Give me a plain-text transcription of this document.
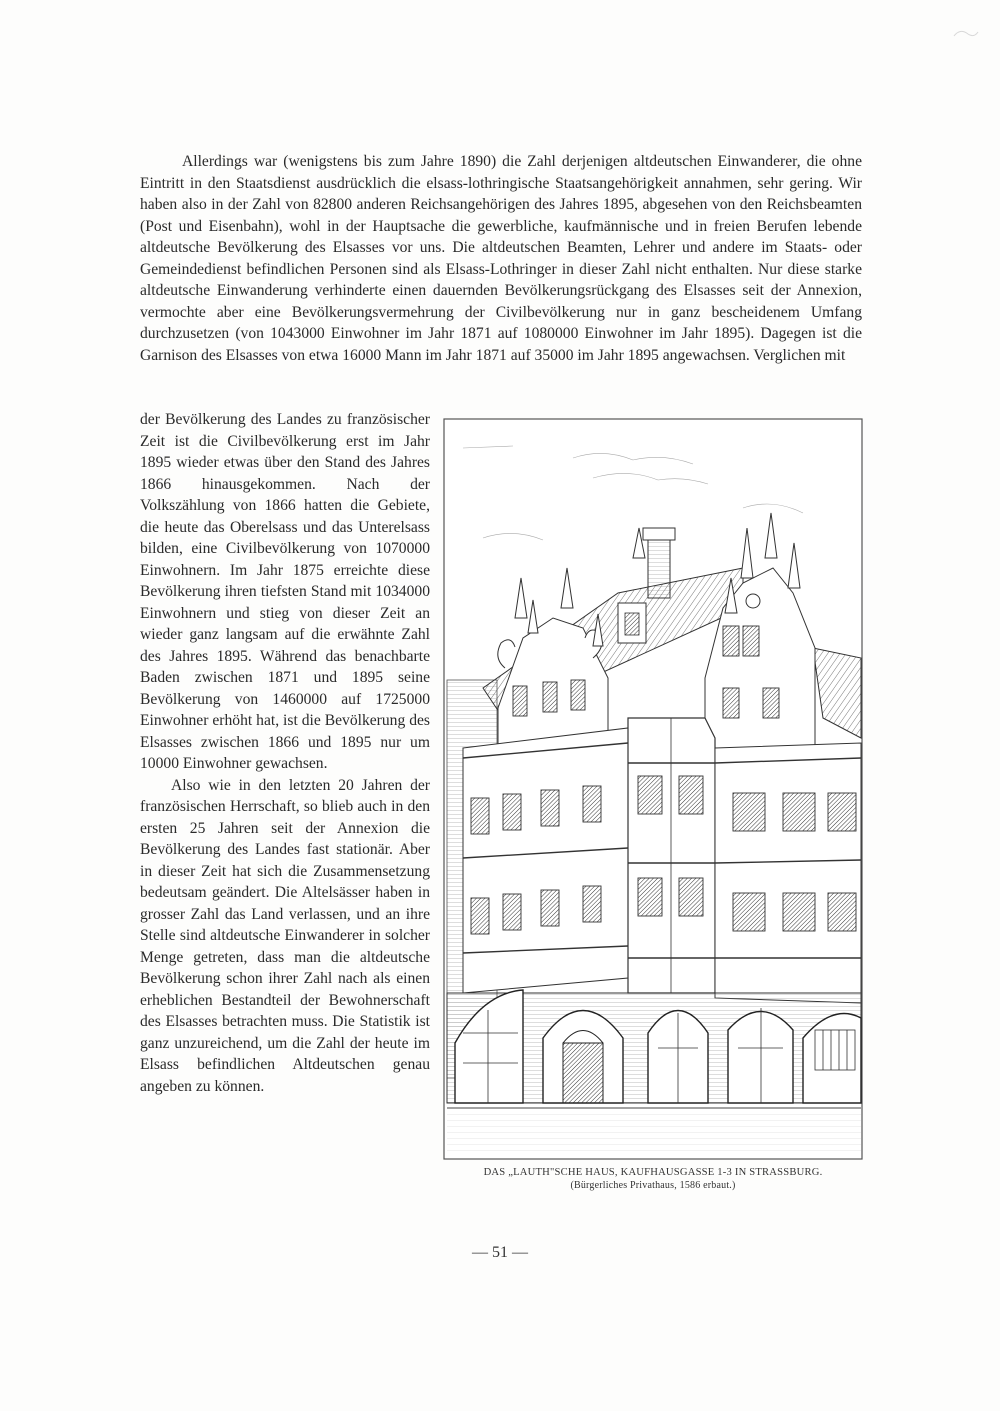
Allerdings war (wenigstens bis zum Jahre 1890) die Zahl derjenigen altdeutschen Einwanderer, die ohne Eintritt in den Staatsdienst ausdrücklich die elsass-lothringische Staatsangehörigkeit annahmen, sehr gering. Wir haben also in der Zahl von 82800 anderen Reichsangehörigen des Jahres 1895, abgesehen von den Reichsbeamten (Post und Eisenbahn), wohl in der Hauptsache die gewerbliche, kaufmännische und in freien Berufen lebende altdeutsche Bevölkerung des Elsasses vor uns. Die altdeutschen Beamten, Lehrer und andere im Staats- oder Gemeindedienst befindlichen Personen sind als Elsass-Lothringer in dieser Zahl nicht enthalten. Nur diese starke altdeutsche Einwanderung verhinderte einen dauernden Bevölkerungsrückgang des Elsasses seit der Annexion, vermochte aber eine Bevölkerungsvermehrung der Civilbevölkerung nur in ganz bescheidenem Umfang durchzusetzen (von 1043000 Einwohner im Jahr 1871 auf 1080000 Einwohner im Jahr 1895). Dagegen ist die Garnison des Elsasses von etwa 16000 Mann im Jahr 1871 auf 35000 im Jahr 1895 angewachsen. Verglichen mit

der Bevölkerung des Landes zu französischer Zeit ist die Civilbevölkerung erst im Jahr 1895 wieder etwas über den Stand des Jahres 1866 hinausgekommen. Nach der Volkszählung von 1866 hatten die Gebiete, die heute das Oberelsass und das Unterelsass bilden, eine Civilbevölkerung von 1070000 Einwohnern. Im Jahr 1875 erreichte diese Bevölkerung ihren tiefsten Stand mit 1034000 Einwohnern und stieg von dieser Zeit an wieder ganz langsam auf die erwähnte Zahl des Jahres 1895. Während das benachbarte Baden zwischen 1871 und 1895 seine Bevölkerung von 1460000 auf 1725000 Einwohner erhöht hat, ist die Bevölkerung des Elsasses zwischen 1866 und 1895 nur um 10000 Einwohner gewachsen.

Also wie in den letzten 20 Jahren der französischen Herrschaft, so blieb auch in den ersten 25 Jahren seit der Annexion die Bevölkerung des Landes fast stationär. Aber in dieser Zeit hat sich die Zusammensetzung bedeutsam geändert. Die Altelsässer haben in grosser Zahl das Land verlassen, und an ihre Stelle sind altdeutsche Einwanderer in solcher Menge getreten, dass man die altdeutsche Bevölkerung schon ihrer Zahl nach als einen erheblichen Bestandteil der Bewohnerschaft des Elsasses betrachten muss. Die Statistik ist ganz unzureichend, um die Zahl der heute im Elsass befindlichen Altdeutschen genau angeben zu können.

DAS „LAUTH"SCHE HAUS, KAUFHAUSGASSE 1-3 IN STRASSBURG.
(Bürgerliches Privathaus, 1586 erbaut.)
— 51 —
